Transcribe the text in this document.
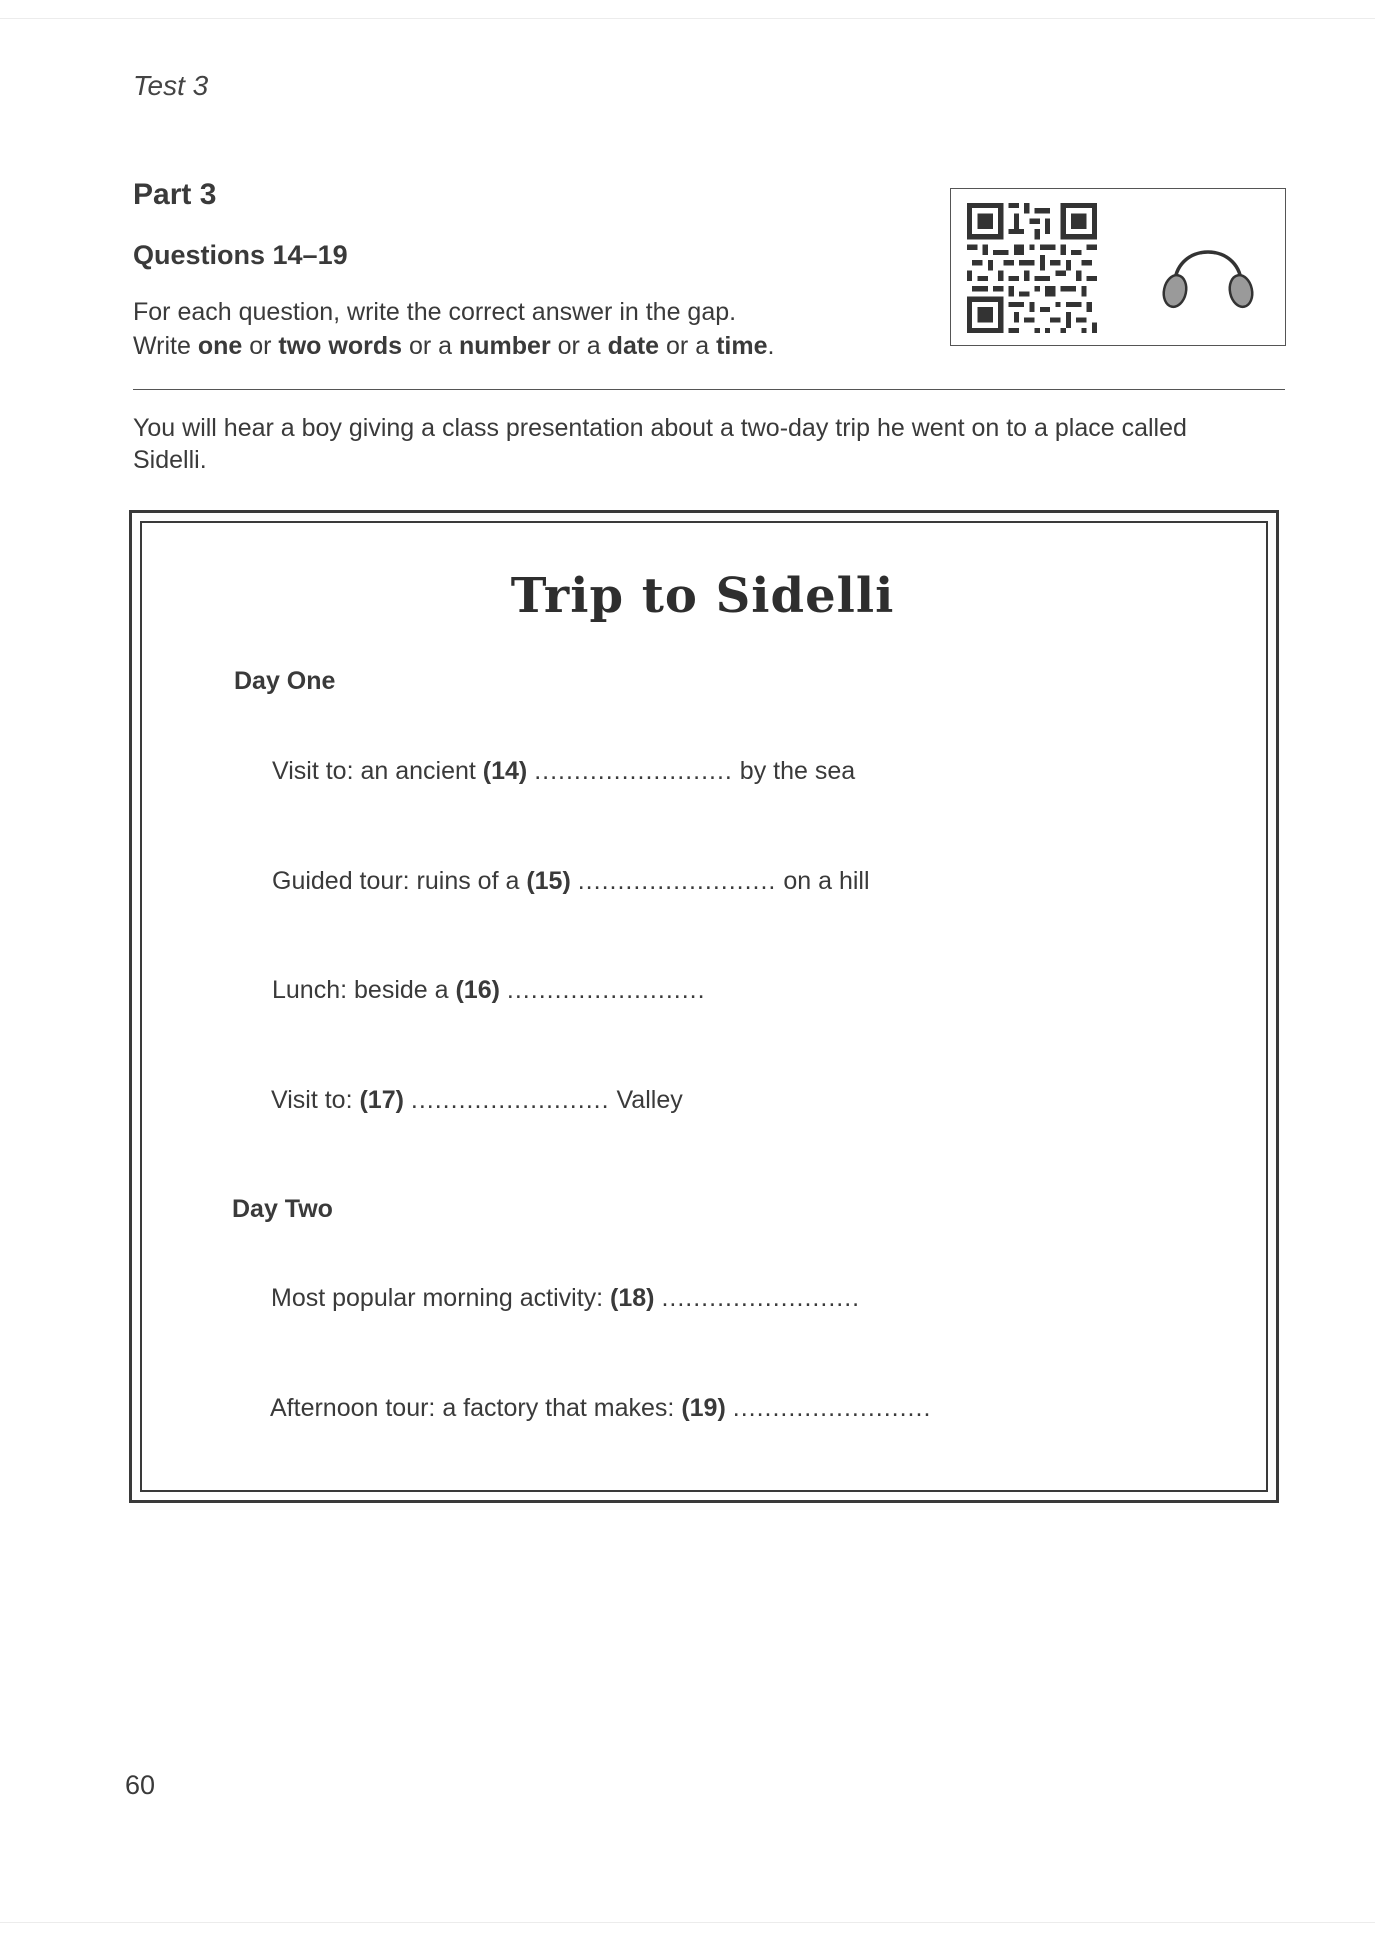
Test 3
Part 3
Questions 14–19
For each question, write the correct answer in the gap.
Write one or two words or a number or a date or a time.
You will hear a boy giving a class presentation about a two-day trip he went on to a place called Sidelli.
Trip to Sidelli
Day One
Visit to: an ancient (14) ......................... by the sea
Guided tour: ruins of a (15) ......................... on a hill
Lunch: beside a (16) .........................
Visit to: (17) ......................... Valley
Day Two
Most popular morning activity: (18) .........................
Afternoon tour: a factory that makes: (19) .........................
60
